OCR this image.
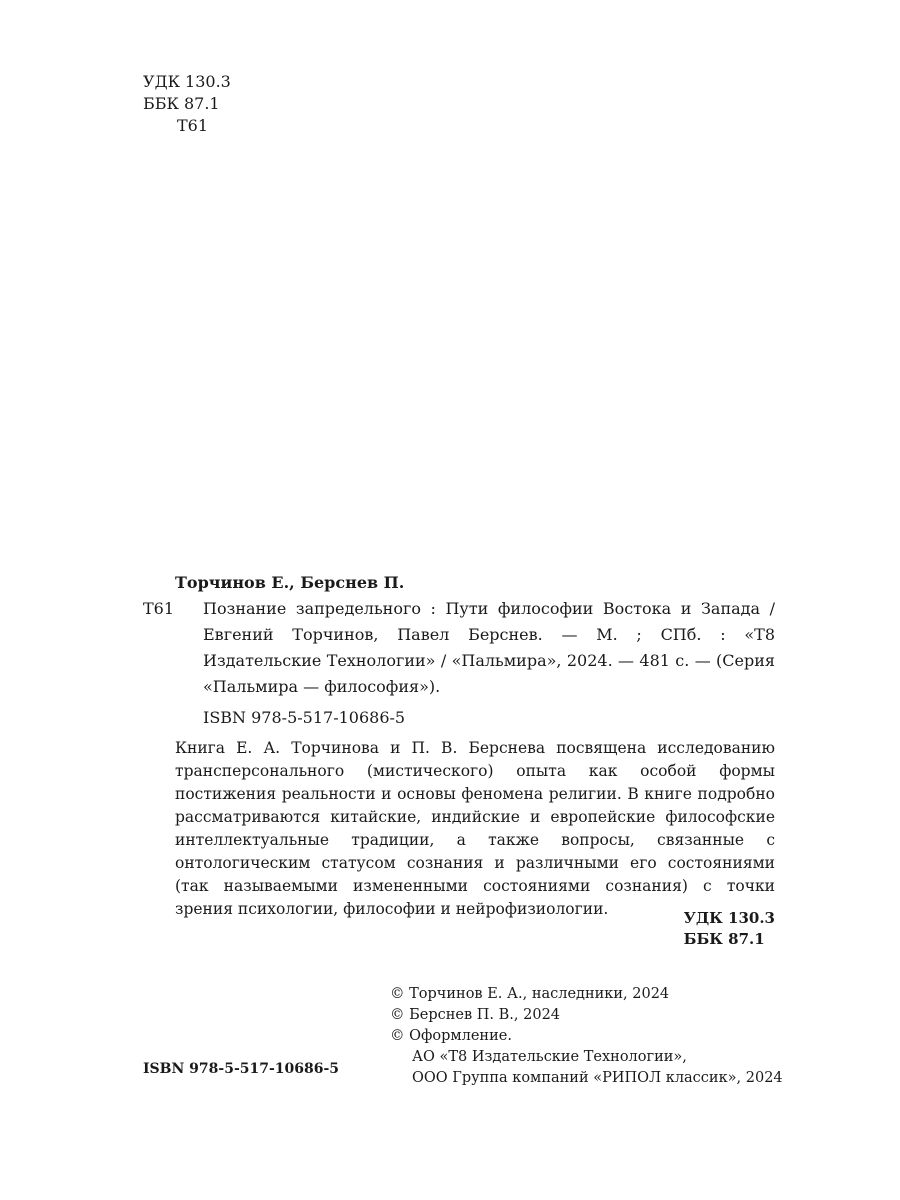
УДК 130.3
ББК 87.1
Т61
Торчинов Е., Берснев П.
Т61	Познание запредельного : Пути философии Востока и Запада / Евгений Торчинов, Павел Берснев. — М. ; СПб. : «Т8 Издательские Технологии» / «Пальмира», 2024. — 481 с. — (Серия «Пальмира — философия»).
ISBN 978-5-517-10686-5
Книга Е. А. Торчинова и П. В. Берснева посвящена исследованию трансперсонального (мистического) опыта как особой формы постижения реальности и основы феномена религии. В книге подробно рассматриваются китайские, индийские и европейские философские интеллектуальные традиции, а также вопросы, связанные с онтологическим статусом сознания и различными его состояниями (так называемыми измененными состояниями сознания) с точки зрения психологии, философии и нейрофизиологии.	УДК 130.3
ББК 87.1
© Торчинов Е. А., наследники, 2024
© Берснев П. В., 2024
© Оформление.
АО «Т8 Издательские Технологии»,
ООО Группа компаний «РИПОЛ классик», 2024
ISBN 978-5-517-10686-5
